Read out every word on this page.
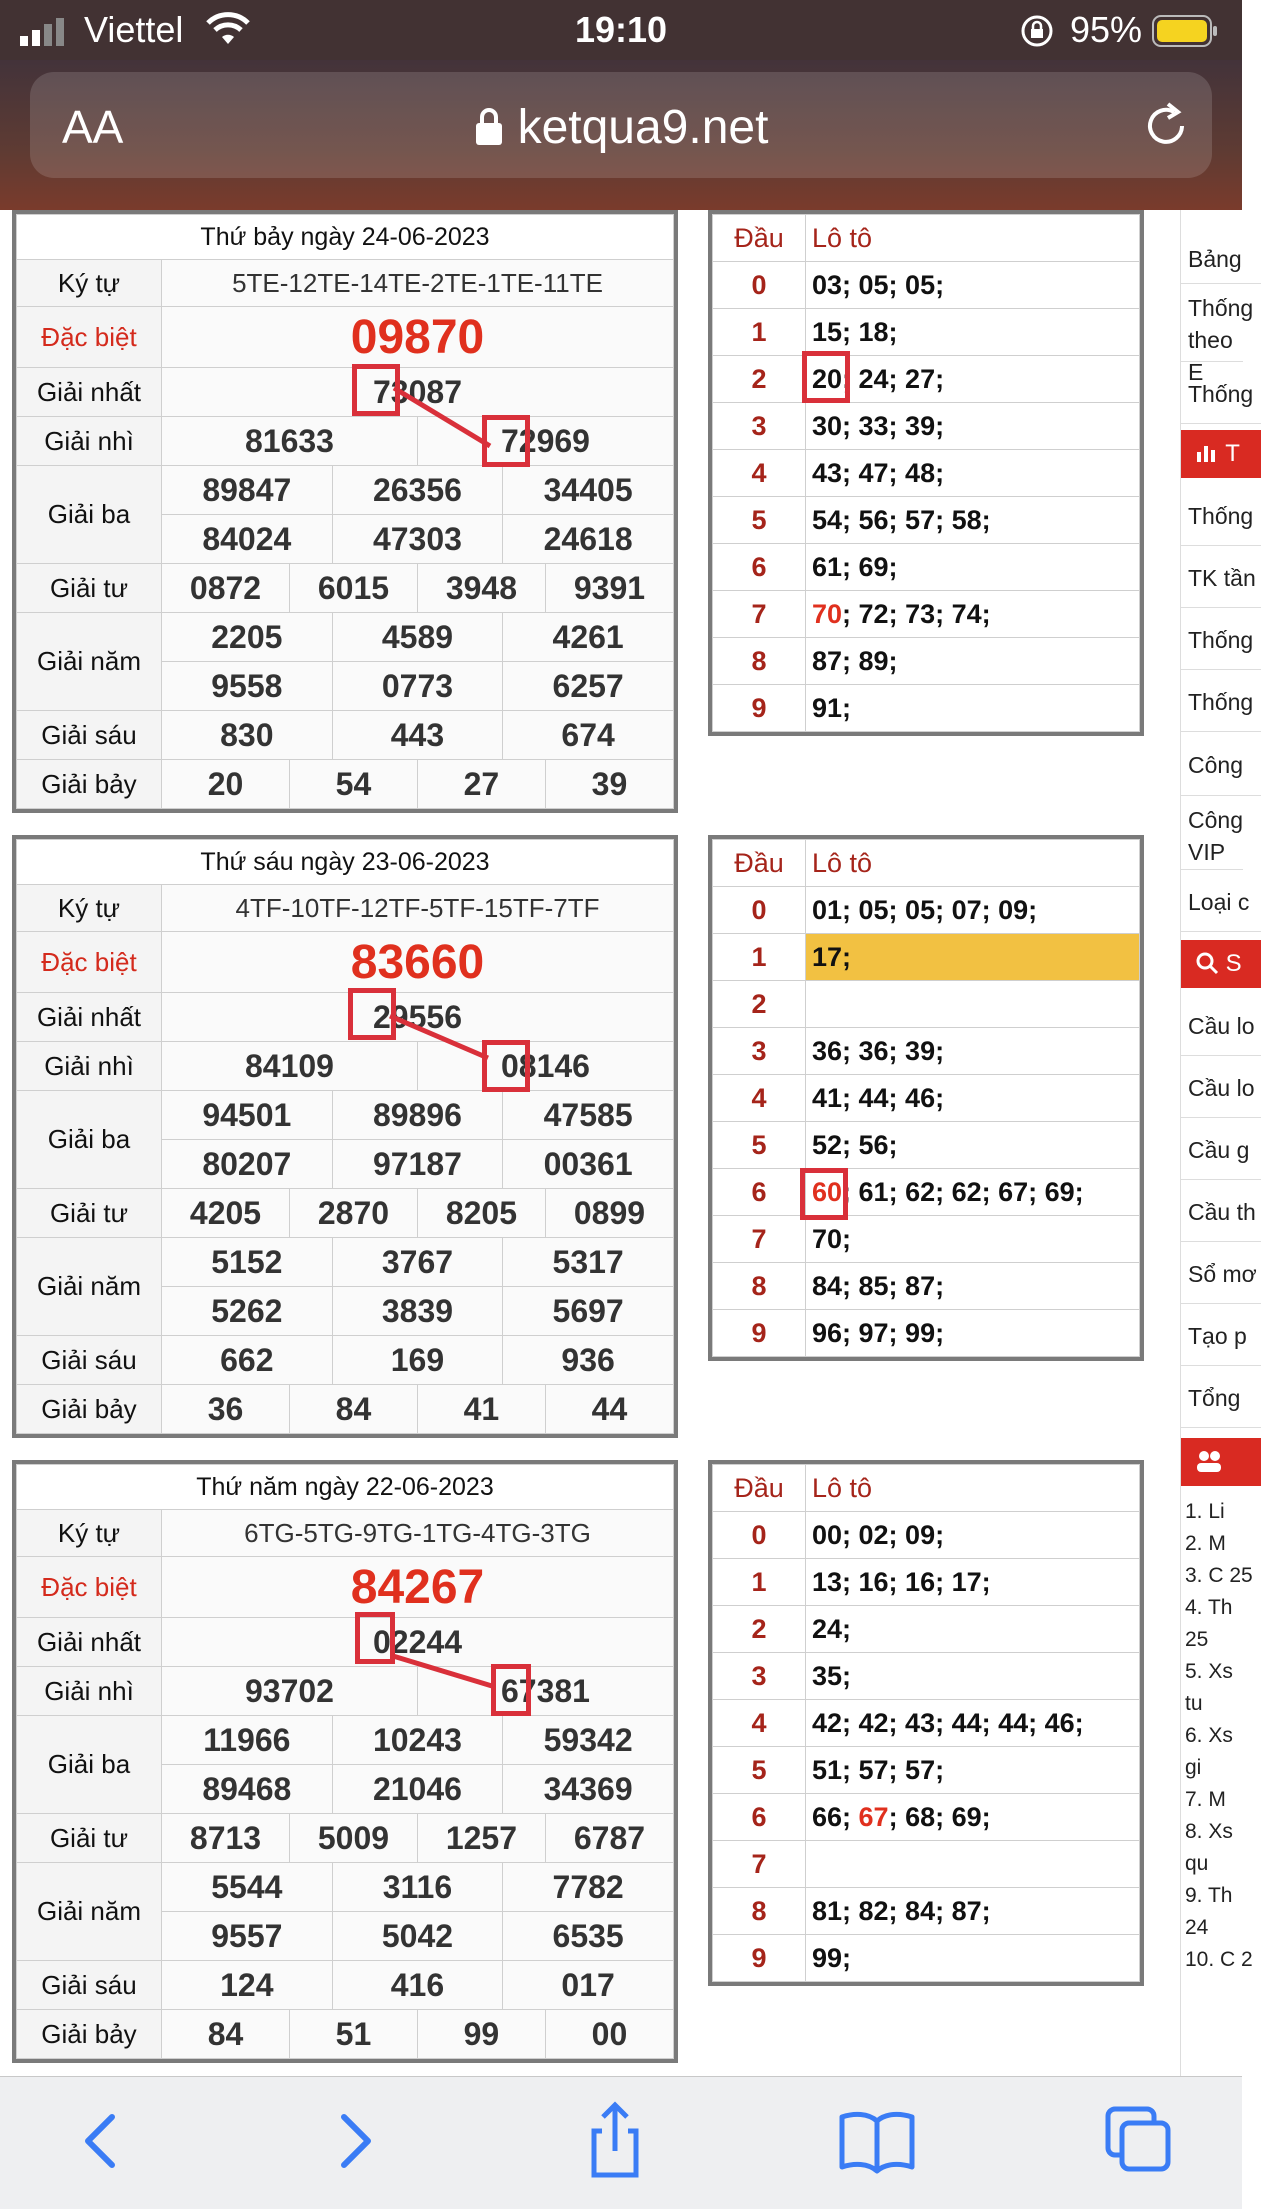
Viettel	19:10	95%
AA	ketqua9.net
Thứ bảy ngày 24-06-2023						
Ký tự	5TE-12TE-14TE-2TE-1TE-11TE					
Đặc biệt	09870					
Giải nhất	73087					
Giải nhì	81633			72969		
Giải ba	89847		26356		34405	
	84024		47303		24618	
Giải tư	0872	6015		3948		9391
Giải năm	2205		4589		4261	
	9558		0773		6257	
Giải sáu	830		443		674	
Giải bảy	20	54		27		39
Thứ sáu ngày 23-06-2023						
Ký tự	4TF-10TF-12TF-5TF-15TF-7TF					
Đặc biệt	83660					
Giải nhất	29556					
Giải nhì	84109			08146		
Giải ba	94501		89896		47585	
	80207		97187		00361	
Giải tư	4205	2870		8205		0899
Giải năm	5152		3767		5317	
	5262		3839		5697	
Giải sáu	662		169		936	
Giải bảy	36	84		41		44
Thứ năm ngày 22-06-2023						
Ký tự	6TG-5TG-9TG-1TG-4TG-3TG					
Đặc biệt	84267					
Giải nhất	02244					
Giải nhì	93702			67381		
Giải ba	11966		10243		59342	
	89468		21046		34369	
Giải tư	8713	5009		1257		6787
Giải năm	5544		3116		7782	
	9557		5042		6535	
Giải sáu	124		416		017	
Giải bảy	84	51		99		00
Đầu	Lô tô
0	03; 05; 05;
1	15; 18;
2	20; 24; 27;
3	30; 33; 39;
4	43; 47; 48;
5	54; 56; 57; 58;
6	61; 69;
7	70; 72; 73; 74;
8	87; 89;
9	91;
Đầu	Lô tô
0	01; 05; 05; 07; 09;
1	17;
2	
3	36; 36; 39;
4	41; 44; 46;
5	52; 56;
6	60; 61; 62; 62; 67; 69;
7	70;
8	84; 85; 87;
9	96; 97; 99;
Đầu	Lô tô
0	00; 02; 09;
1	13; 16; 16; 17;
2	24;
3	35;
4	42; 42; 43; 44; 44; 46;
5	51; 57; 57;
6	66; 67; 68; 69;
7	
8	81; 82; 84; 87;
9	99;
Bảng
Thống theo E
Thống
T
Thống
TK tần
Thống
Thống
Công
Công VIP
Loại c
S
Cầu lo
Cầu lo
Cầu g
Cầu th
Sổ mơ
Tạo p
Tổng
1. Li
2. M
3. C 25
4. Th 25
5. Xs tu
6. Xs gi
7. M
8. Xs qu
9. Th 24
10. C 2
